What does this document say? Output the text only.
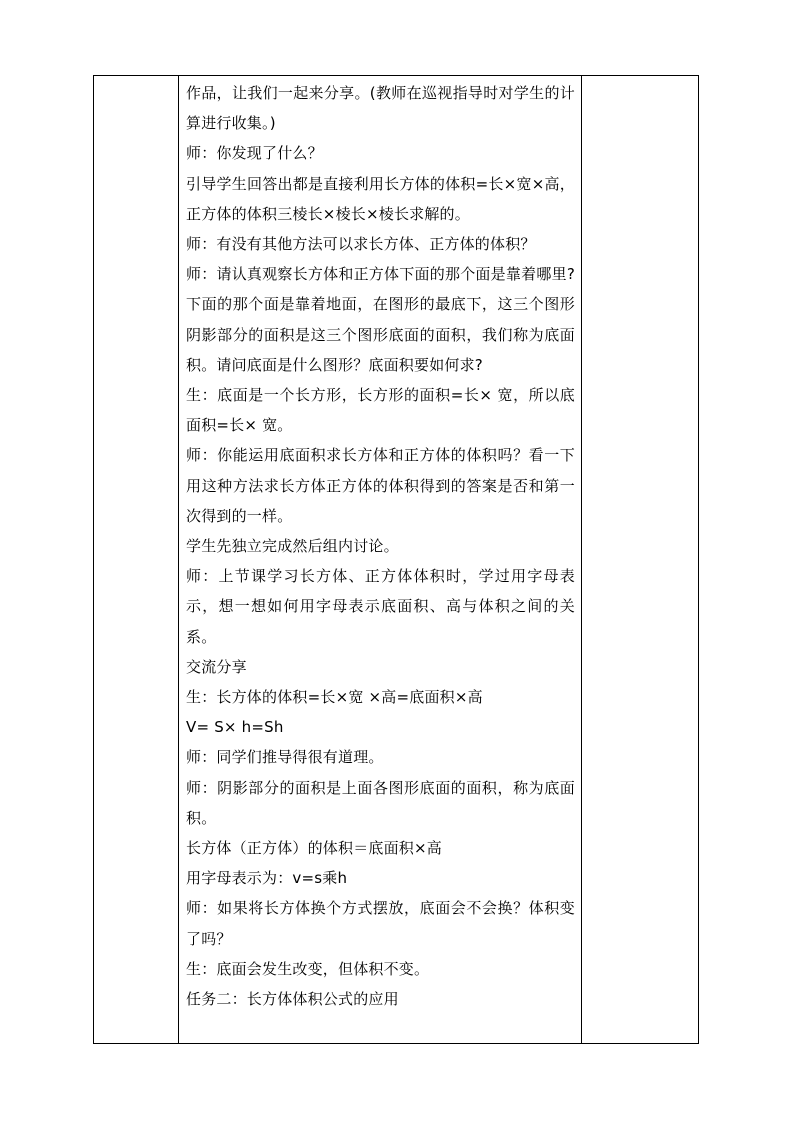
作品，让我们一起来分享。(教师在巡视指导时对学生的计算进行收集。)

师：你发现了什么？

引导学生回答出都是直接利用长方体的体积=长×宽×高，正方体的体积三棱长×棱长×棱长求解的。

师：有没有其他方法可以求长方体、正方体的体积？

师：请认真观察长方体和正方体下面的那个面是靠着哪里?下面的那个面是靠着地面，在图形的最底下，这三个图形阴影部分的面积是这三个图形底面的面积，我们称为底面积。请问底面是什么图形？底面积要如何求?

生：底面是一个长方形，长方形的面积=长× 宽，所以底面积=长× 宽。

师：你能运用底面积求长方体和正方体的体积吗？看一下用这种方法求长方体正方体的体积得到的答案是否和第一次得到的一样。

学生先独立完成然后组内讨论。

师：上节课学习长方体、正方体体积时，学过用字母表示，想一想如何用字母表示底面积、高与体积之间的关系。

交流分享

生：长方体的体积=长×宽 ×高=底面积×高

V= S× h=Sh

师：同学们推导得很有道理。

师：阴影部分的面积是上面各图形底面的面积，称为底面积。

长方体（正方体）的体积＝底面积×高

用字母表示为：v=s乘h

师：如果将长方体换个方式摆放，底面会不会换？体积变了吗？

生：底面会发生改变，但体积不变。

任务二：长方体体积公式的应用
